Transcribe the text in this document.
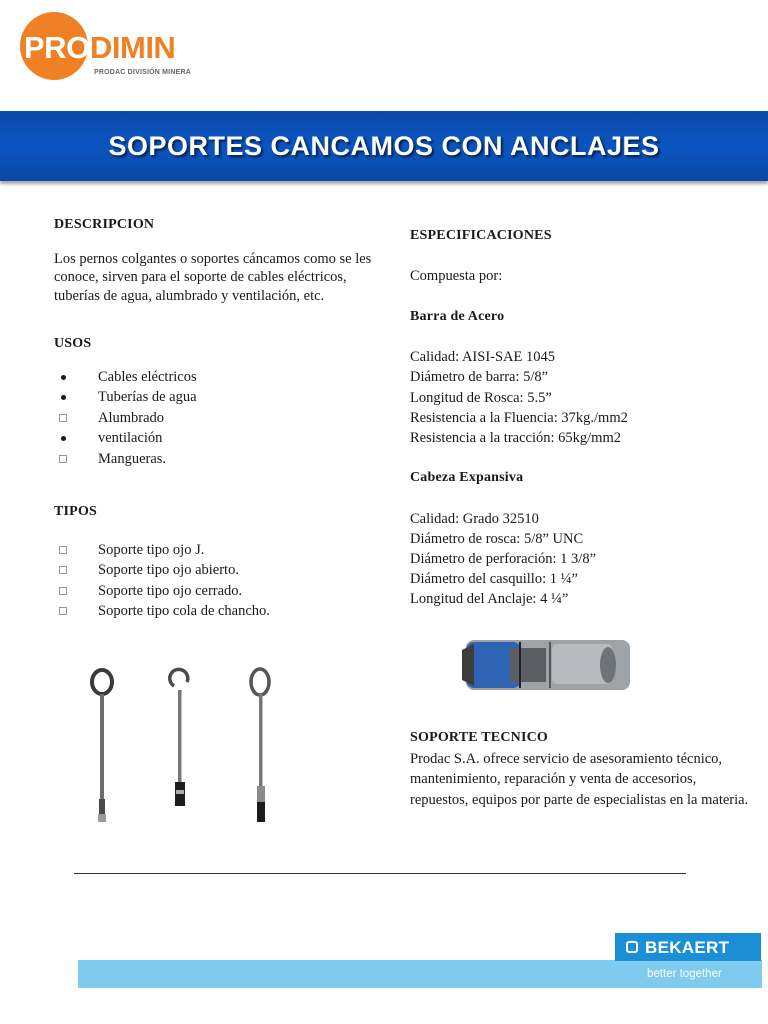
PRO DIMIN
PRODAC DIVISIÓN MINERA
SOPORTES CANCAMOS CON ANCLAJES
DESCRIPCION

Los pernos colgantes o soportes cáncamos como se les conoce, sirven para el soporte de cables eléctricos, tuberías de agua, alumbrado y ventilación, etc.

USOS
Cables eléctricos
Tuberías de agua
Alumbrado
ventilación
Mangueras.
TIPOS
Soporte tipo ojo J.
Soporte tipo ojo abierto.
Soporte tipo ojo cerrado.
Soporte tipo cola de chancho.
ESPECIFICACIONES
Compuesta por:
Barra de Acero
Calidad: AISI-SAE 1045
Diámetro de barra: 5/8”
Longitud de Rosca: 5.5”
Resistencia a la Fluencia: 37kg./mm2
Resistencia a la tracción: 65kg/mm2
Cabeza Expansiva
Calidad: Grado 32510
Diámetro de rosca: 5/8” UNC
Diámetro de perforación: 1 3/8”
Diámetro del casquillo: 1 ¼”
Longitud del Anclaje: 4 ¼”
SOPORTE TECNICO
Prodac S.A. ofrece servicio de asesoramiento técnico, mantenimiento, reparación y venta de accesorios, repuestos, equipos por parte de especialistas en la materia.
BEKAERT
better together
